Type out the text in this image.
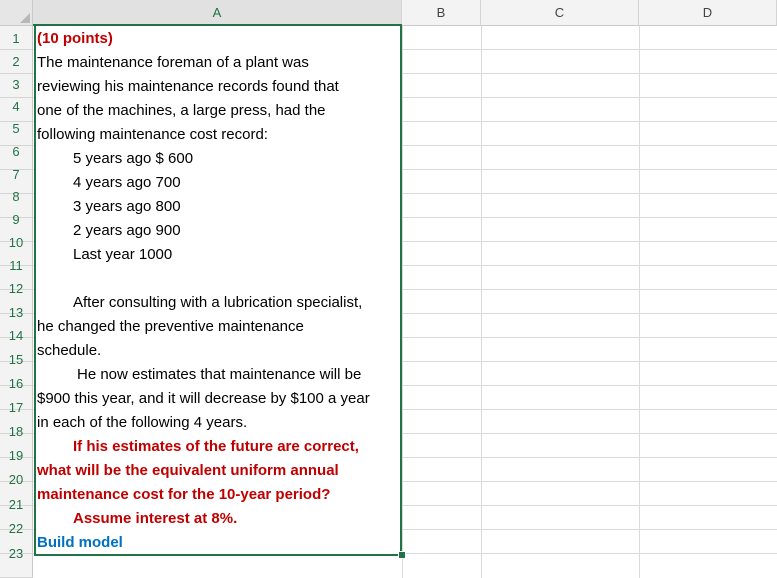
A	B	C	D
1
2
3
4
5
6
7
8
9
10
11
12
13
14
15
16
17
18
19
20
21
22
23
(10 points)
The maintenance foreman of a plant was
reviewing his maintenance records found that
one of the machines, a large press, had the
following maintenance cost record:
5 years ago $ 600
4 years ago 700
3 years ago 800
2 years ago 900
Last year 1000
After consulting with a lubrication specialist,
he changed the preventive maintenance
schedule.
He now estimates that maintenance will be
$900 this year, and it will decrease by $100 a year
in each of the following 4 years.
If his estimates of the future are correct,
what will be the equivalent uniform annual
maintenance cost for the 10-year period?
Assume interest at 8%.
Build model
